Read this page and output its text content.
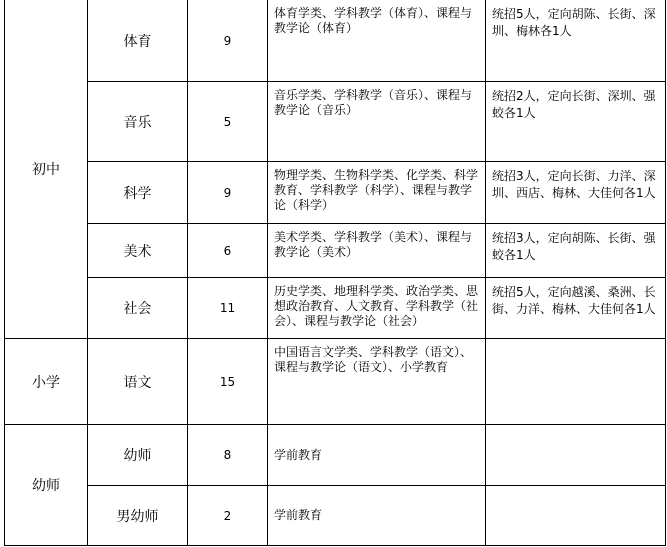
初中	体育	9	体育学类、学科教学（体育）、课程与教学论（体育）	统招5人，定向胡陈、长街、深圳、梅林各1人
	音乐	5	音乐学类、学科教学（音乐）、课程与教学论（音乐）	统招2人，定向长街、深圳、强蛟各1人
	科学	9	物理学类、生物科学类、化学类、科学教育、学科教学（科学）、课程与教学论（科学）	统招3人，定向长街、力洋、深圳、西店、梅林、大佳何各1人
	美术	6	美术学类、学科教学（美术）、课程与教学论（美术）	统招3人，定向胡陈、长街、强蛟各1人
	社会	11	历史学类、地理科学类、政治学类、思想政治教育、人文教育、学科教学（社会）、课程与教学论（社会）	统招5人，定向越溪、桑洲、长街、力洋、梅林、大佳何各1人
小学	语文	15	中国语言文学类、学科教学（语文）、课程与教学论（语文）、小学教育	
幼师	幼师	8	学前教育	
	男幼师	2	学前教育	
